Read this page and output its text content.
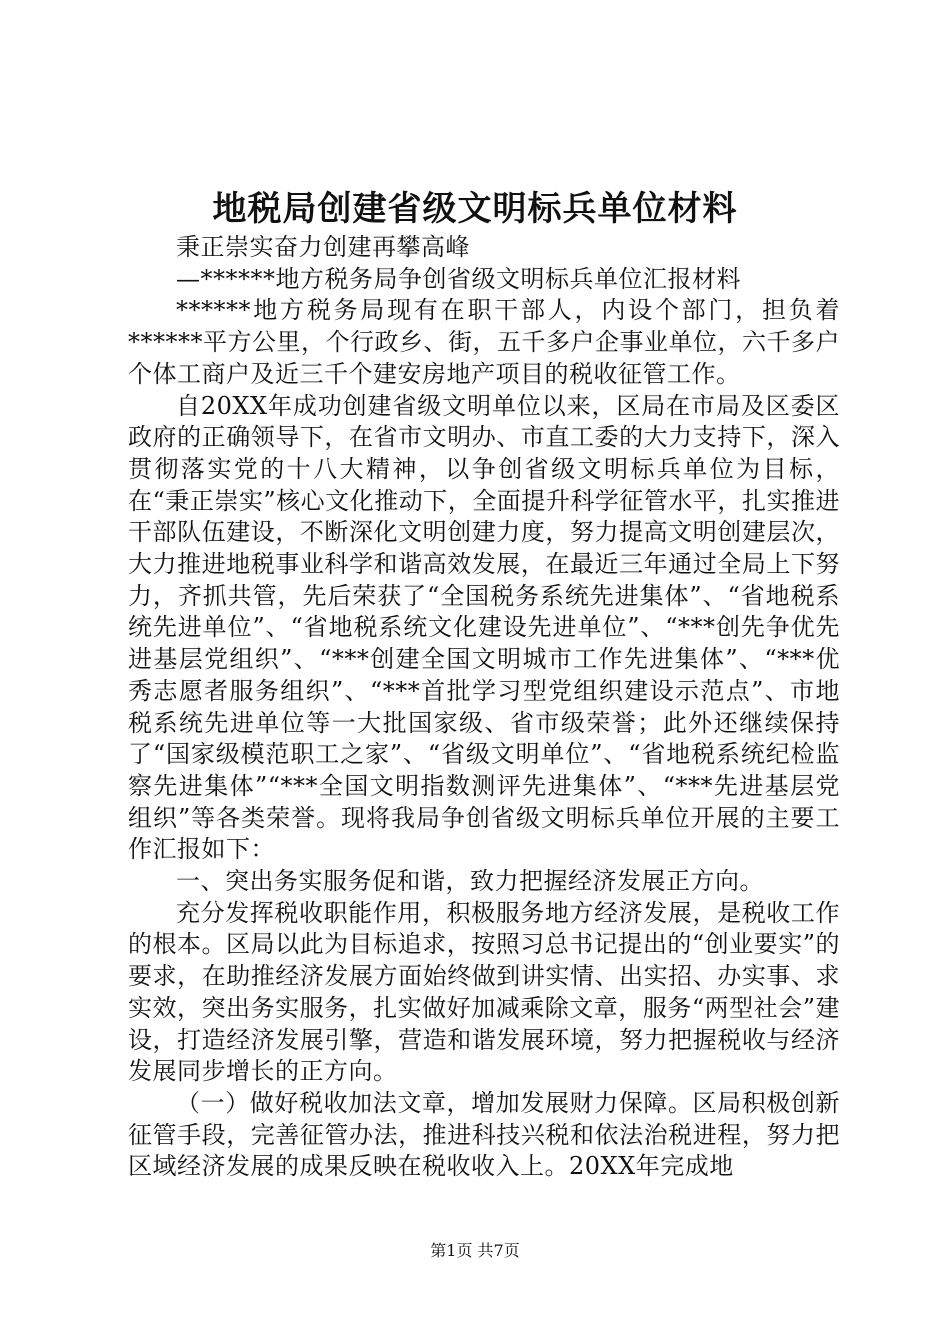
地税局创建省级文明标兵单位材料

秉正崇实奋力创建再攀高峰

—******地方税务局争创省级文明标兵单位汇报材料

******地方税务局现有在职干部人，内设个部门，担负着******平方公里，个行政乡、街，五千多户企事业单位，六千多户个体工商户及近三千个建安房地产项目的税收征管工作。

自20XX年成功创建省级文明单位以来，区局在市局及区委区政府的正确领导下，在省市文明办、市直工委的大力支持下，深入贯彻落实党的十八大精神，以争创省级文明标兵单位为目标，在“秉正崇实”核心文化推动下，全面提升科学征管水平，扎实推进干部队伍建设，不断深化文明创建力度，努力提高文明创建层次，大力推进地税事业科学和谐高效发展，在最近三年通过全局上下努力，齐抓共管，先后荣获了“全国税务系统先进集体”、“省地税系统先进单位”、“省地税系统文化建设先进单位”、“***创先争优先进基层党组织”、“***创建全国文明城市工作先进集体”、“***优秀志愿者服务组织”、“***首批学习型党组织建设示范点”、市地税系统先进单位等一大批国家级、省市级荣誉；此外还继续保持了“国家级模范职工之家”、“省级文明单位”、“省地税系统纪检监察先进集体”“***全国文明指数测评先进集体”、“***先进基层党组织”等各类荣誉。现将我局争创省级文明标兵单位开展的主要工作汇报如下：

一、突出务实服务促和谐，致力把握经济发展正方向。

充分发挥税收职能作用，积极服务地方经济发展，是税收工作的根本。区局以此为目标追求，按照习总书记提出的“创业要实”的要求，在助推经济发展方面始终做到讲实情、出实招、办实事、求实效，突出务实服务，扎实做好加减乘除文章，服务“两型社会”建设，打造经济发展引擎，营造和谐发展环境，努力把握税收与经济发展同步增长的正方向。

（一）做好税收加法文章，增加发展财力保障。区局积极创新征管手段，完善征管办法，推进科技兴税和依法治税进程，努力把区域经济发展的成果反映在税收收入上。20XX年完成地

第1页 共7页
